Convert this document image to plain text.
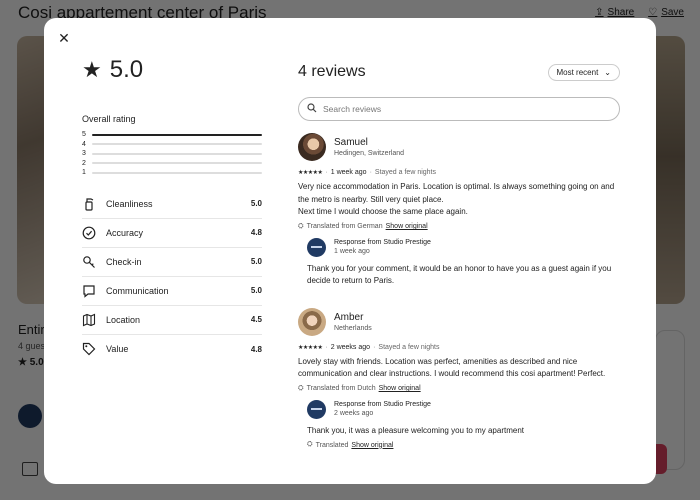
✕
★ 5.0
Overall rating
5
4
3
2
1
Cleanliness	5.0
Accuracy	4.8
Check-in	5.0
Communication	5.0
Location	4.5
Value	4.8
4 reviews	Most recent ⌄
Search reviews
Samuel
Hedingen, Switzerland
★★★★★ · 1 week ago · Stayed a few nights
Very nice accommodation in Paris. Location is optimal. Is always something going on and the metro is nearby. Still very quiet place.
Next time I would choose the same place again.
⛭ Translated from German Show original
Response from Studio Prestige
1 week ago
Thank you for your comment, it would be an honor to have you as a guest again if you decide to return to Paris.
Amber
Netherlands
★★★★★ · 2 weeks ago · Stayed a few nights
Lovely stay with friends. Location was perfect, amenities as described and nice communication and clear instructions. I would recommend this cosi apartment! Perfect.
⛭ Translated from Dutch Show original
Response from Studio Prestige
2 weeks ago
Thank you, it was a pleasure welcoming you to my apartment
⛭ Translated Show original
